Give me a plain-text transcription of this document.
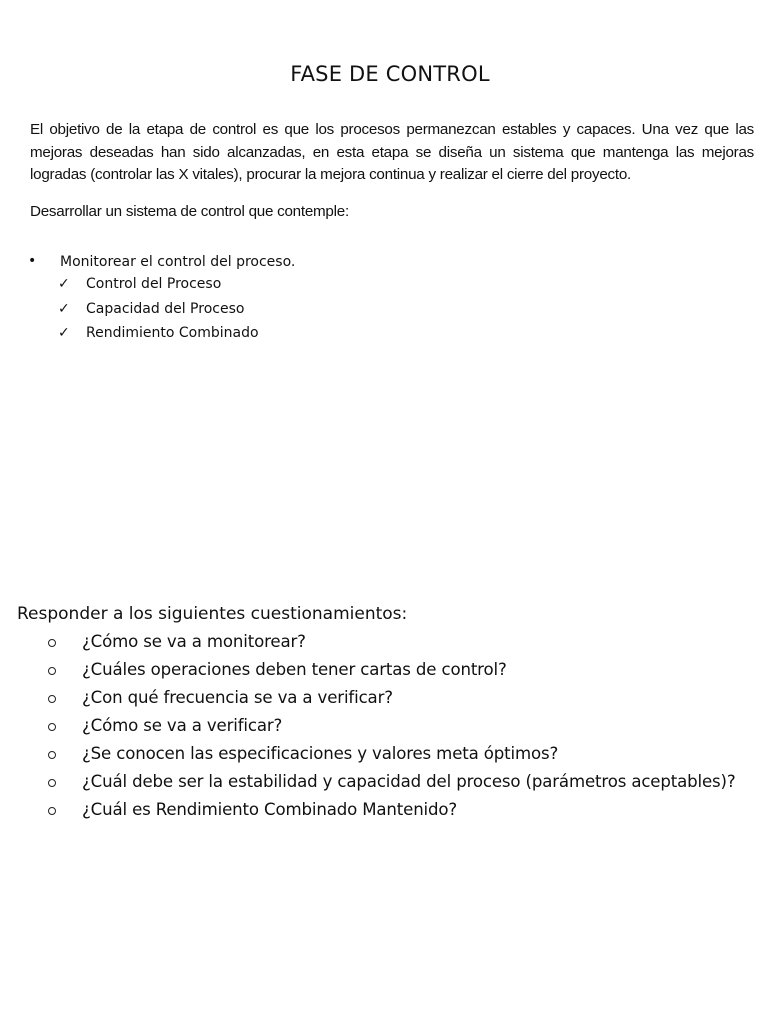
FASE DE CONTROL

El objetivo de la etapa de control es que los procesos permanezcan estables y capaces. Una vez que las mejoras deseadas han sido alcanzadas, en esta etapa se diseña un sistema que mantenga las mejoras logradas (controlar las X vitales), procurar la mejora continua y realizar el cierre del proyecto.

Desarrollar un sistema de control que contemple:

• Monitorear el control del proceso.
✓ Control del Proceso
✓ Capacidad del Proceso
✓ Rendimiento Combinado

Responder a los siguientes cuestionamientos:

¿Cómo se va a monitorear?
¿Cuáles operaciones deben tener cartas de control?
¿Con qué frecuencia se va a verificar?
¿Cómo se va a verificar?
¿Se conocen las especificaciones y valores meta óptimos?
¿Cuál debe ser la estabilidad y capacidad del proceso (parámetros aceptables)?
¿Cuál es Rendimiento Combinado Mantenido?
